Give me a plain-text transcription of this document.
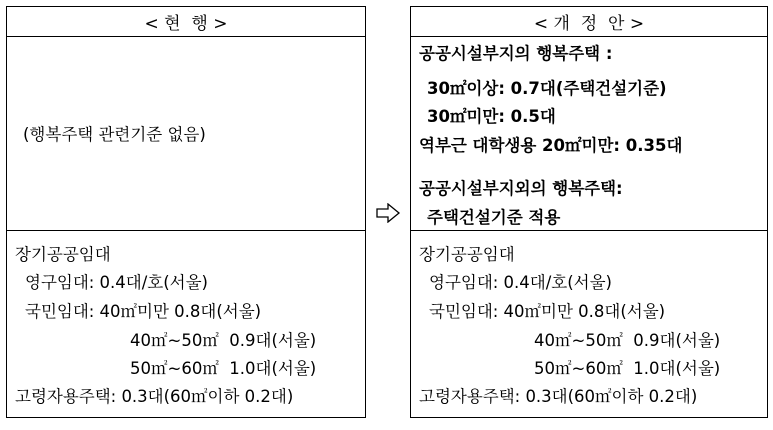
< 현  행 >
(행복주택 관련기준 없음)
장기공공임대
영구임대: 0.4대/호(서울)
국민임대: 40㎡미만 0.8대(서울)
40㎡~50㎡  0.9대(서울)
50㎡~60㎡  1.0대(서울)
고령자용주택: 0.3대(60㎡이하 0.2대)
< 개  정  안 >
공공시설부지의 행복주택 :
30㎡이상: 0.7대(주택건설기준)
30㎡미만: 0.5대
역부근 대학생용 20㎡미만: 0.35대
공공시설부지외의 행복주택:
주택건설기준 적용
장기공공임대
영구임대: 0.4대/호(서울)
국민임대: 40㎡미만 0.8대(서울)
40㎡~50㎡  0.9대(서울)
50㎡~60㎡  1.0대(서울)
고령자용주택: 0.3대(60㎡이하 0.2대)
